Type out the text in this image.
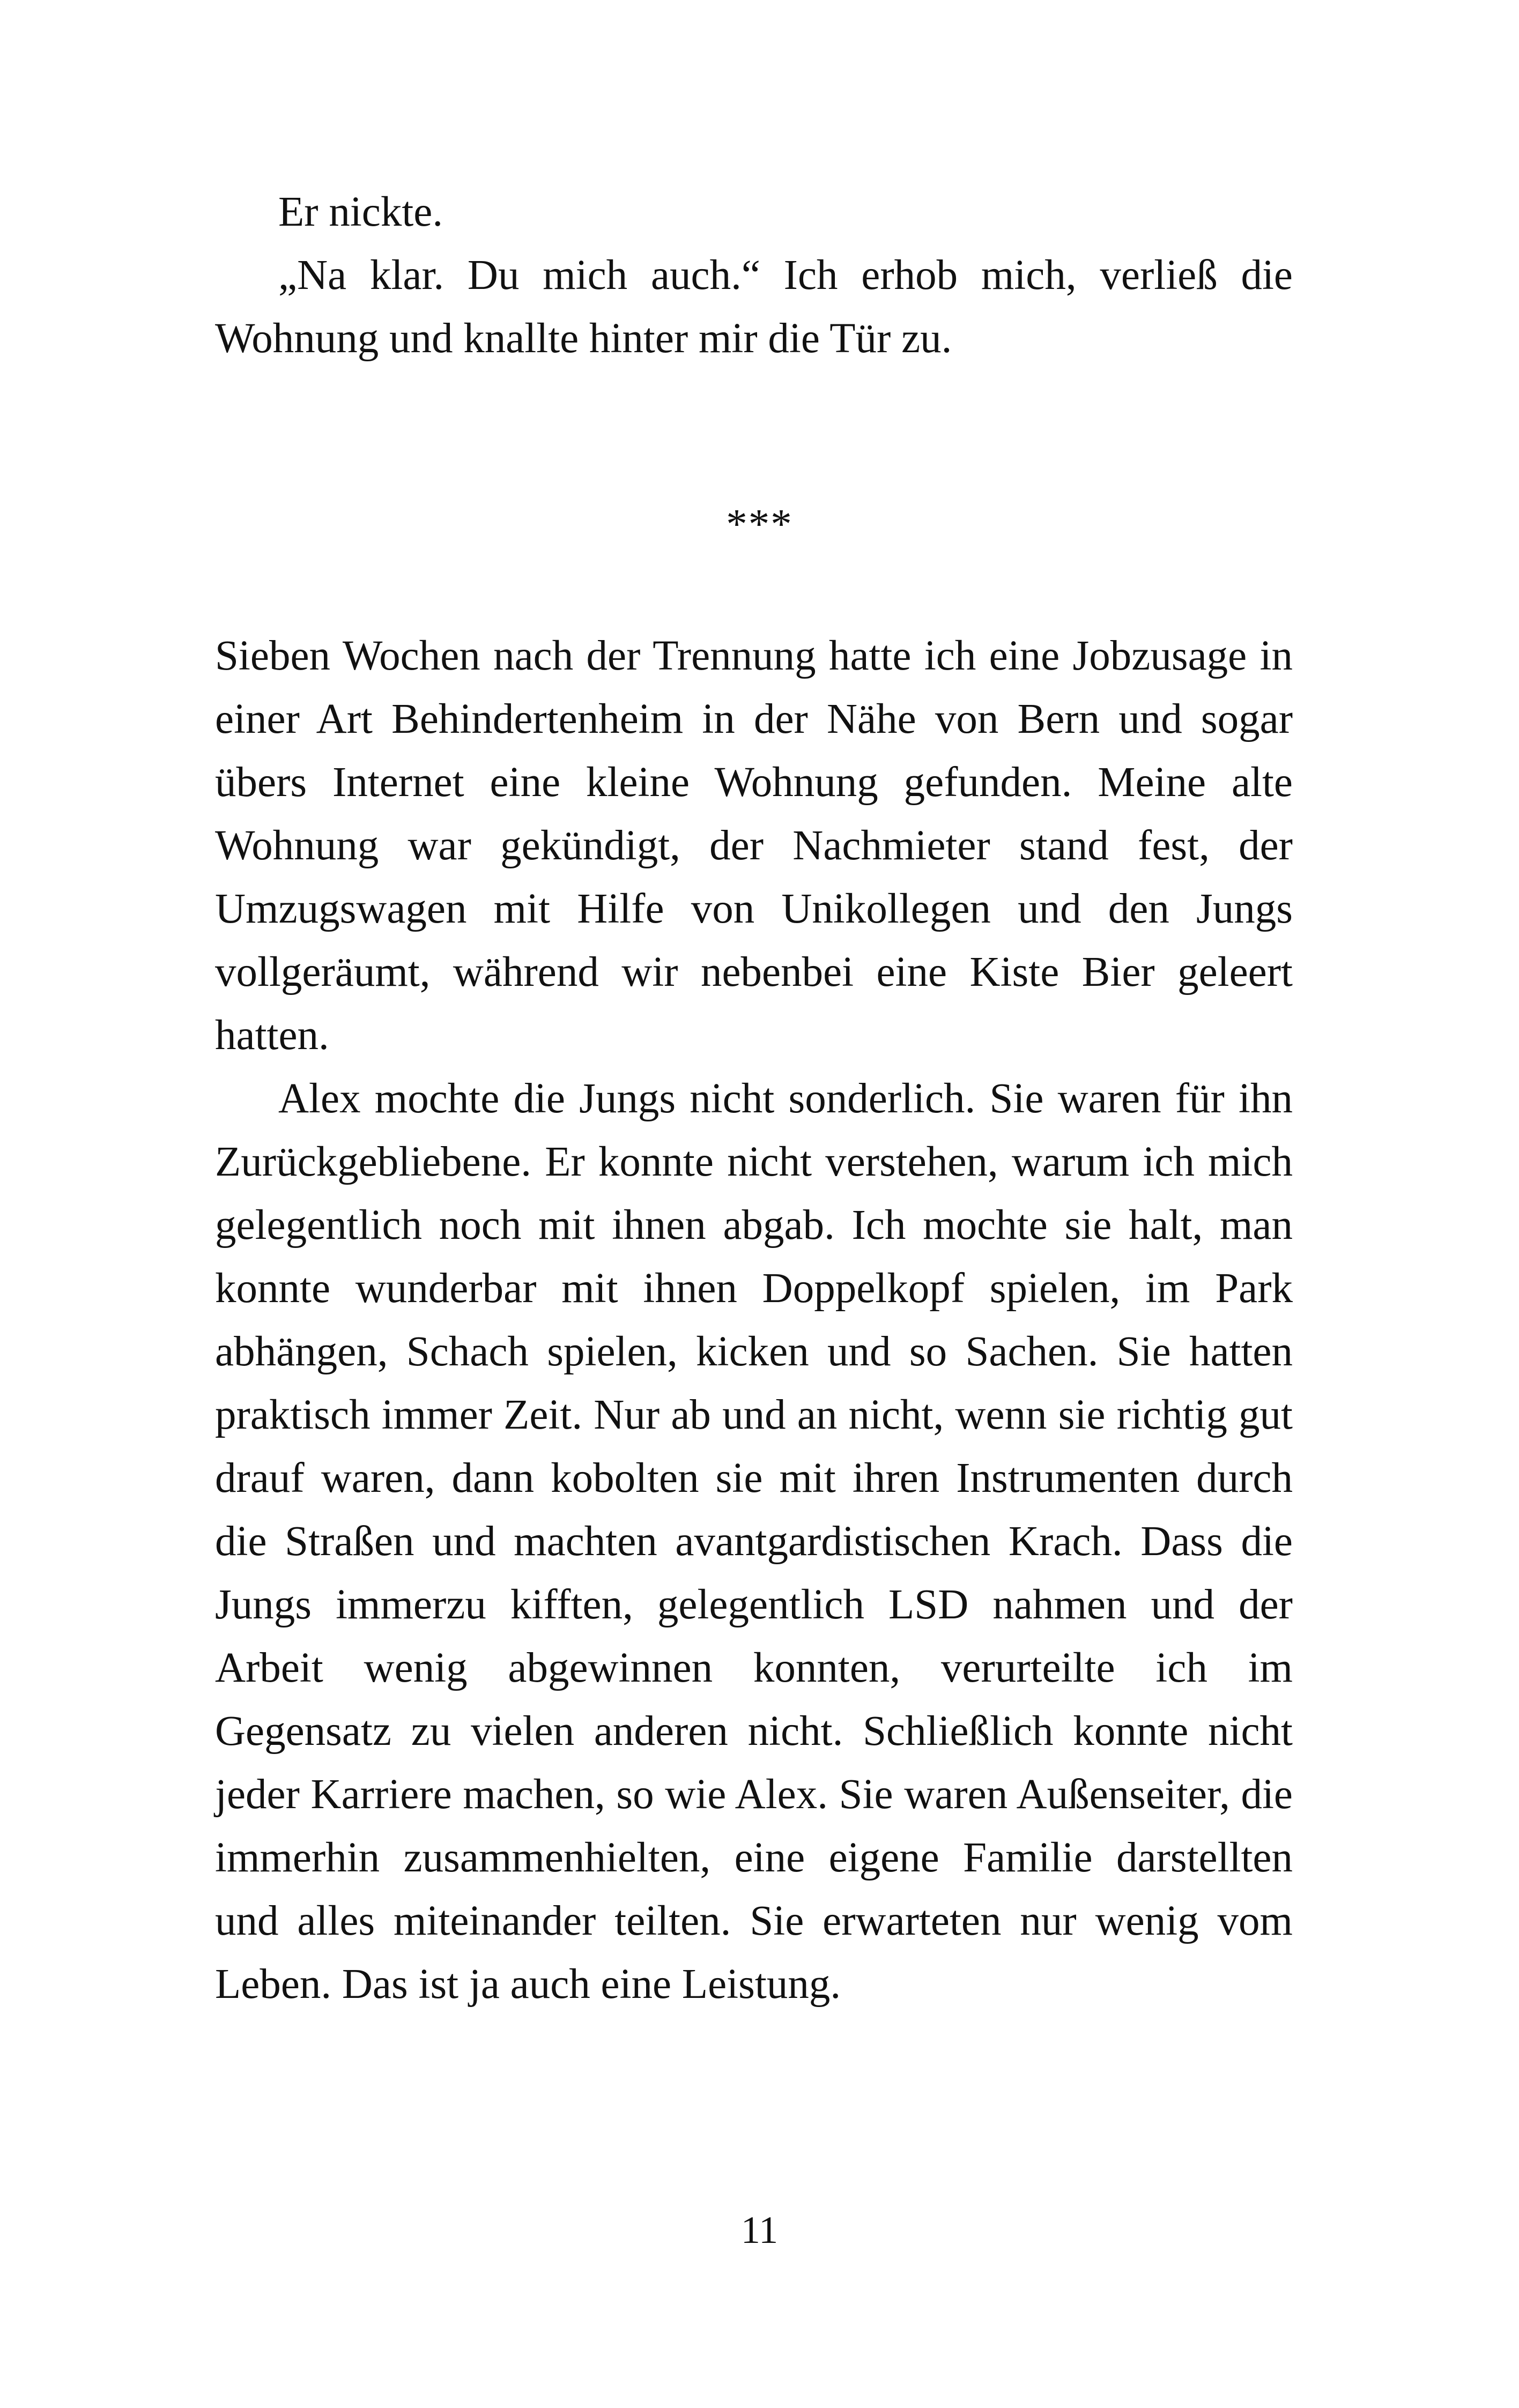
Er nickte.

„Na klar. Du mich auch.“ Ich erhob mich, verließ die Wohnung und knallte hinter mir die Tür zu.

***

Sieben Wochen nach der Trennung hatte ich eine Jobzusage in einer Art Behindertenheim in der Nähe von Bern und sogar übers Internet eine kleine Wohnung gefunden. Meine alte Wohnung war gekündigt, der Nachmieter stand fest, der Umzugswagen mit Hilfe von Unikollegen und den Jungs vollgeräumt, während wir nebenbei eine Kiste Bier geleert hatten.

Alex mochte die Jungs nicht sonderlich. Sie waren für ihn Zurückgebliebene. Er konnte nicht verstehen, warum ich mich gelegentlich noch mit ihnen abgab. Ich mochte sie halt, man konnte wunderbar mit ihnen Doppelkopf spielen, im Park abhängen, Schach spielen, kicken und so Sachen. Sie hatten praktisch immer Zeit. Nur ab und an nicht, wenn sie richtig gut drauf waren, dann kobolten sie mit ihren Instrumenten durch die Straßen und machten avantgardistischen Krach. Dass die Jungs immerzu kifften, gelegentlich LSD nahmen und der Arbeit wenig abgewinnen konnten, verurteilte ich im Gegensatz zu vielen anderen nicht. Schließlich konnte nicht jeder Karriere machen, so wie Alex. Sie waren Außenseiter, die immerhin zusammenhielten, eine eigene Familie darstellten und alles miteinander teilten. Sie erwarteten nur wenig vom Leben. Das ist ja auch eine Leistung.

11
